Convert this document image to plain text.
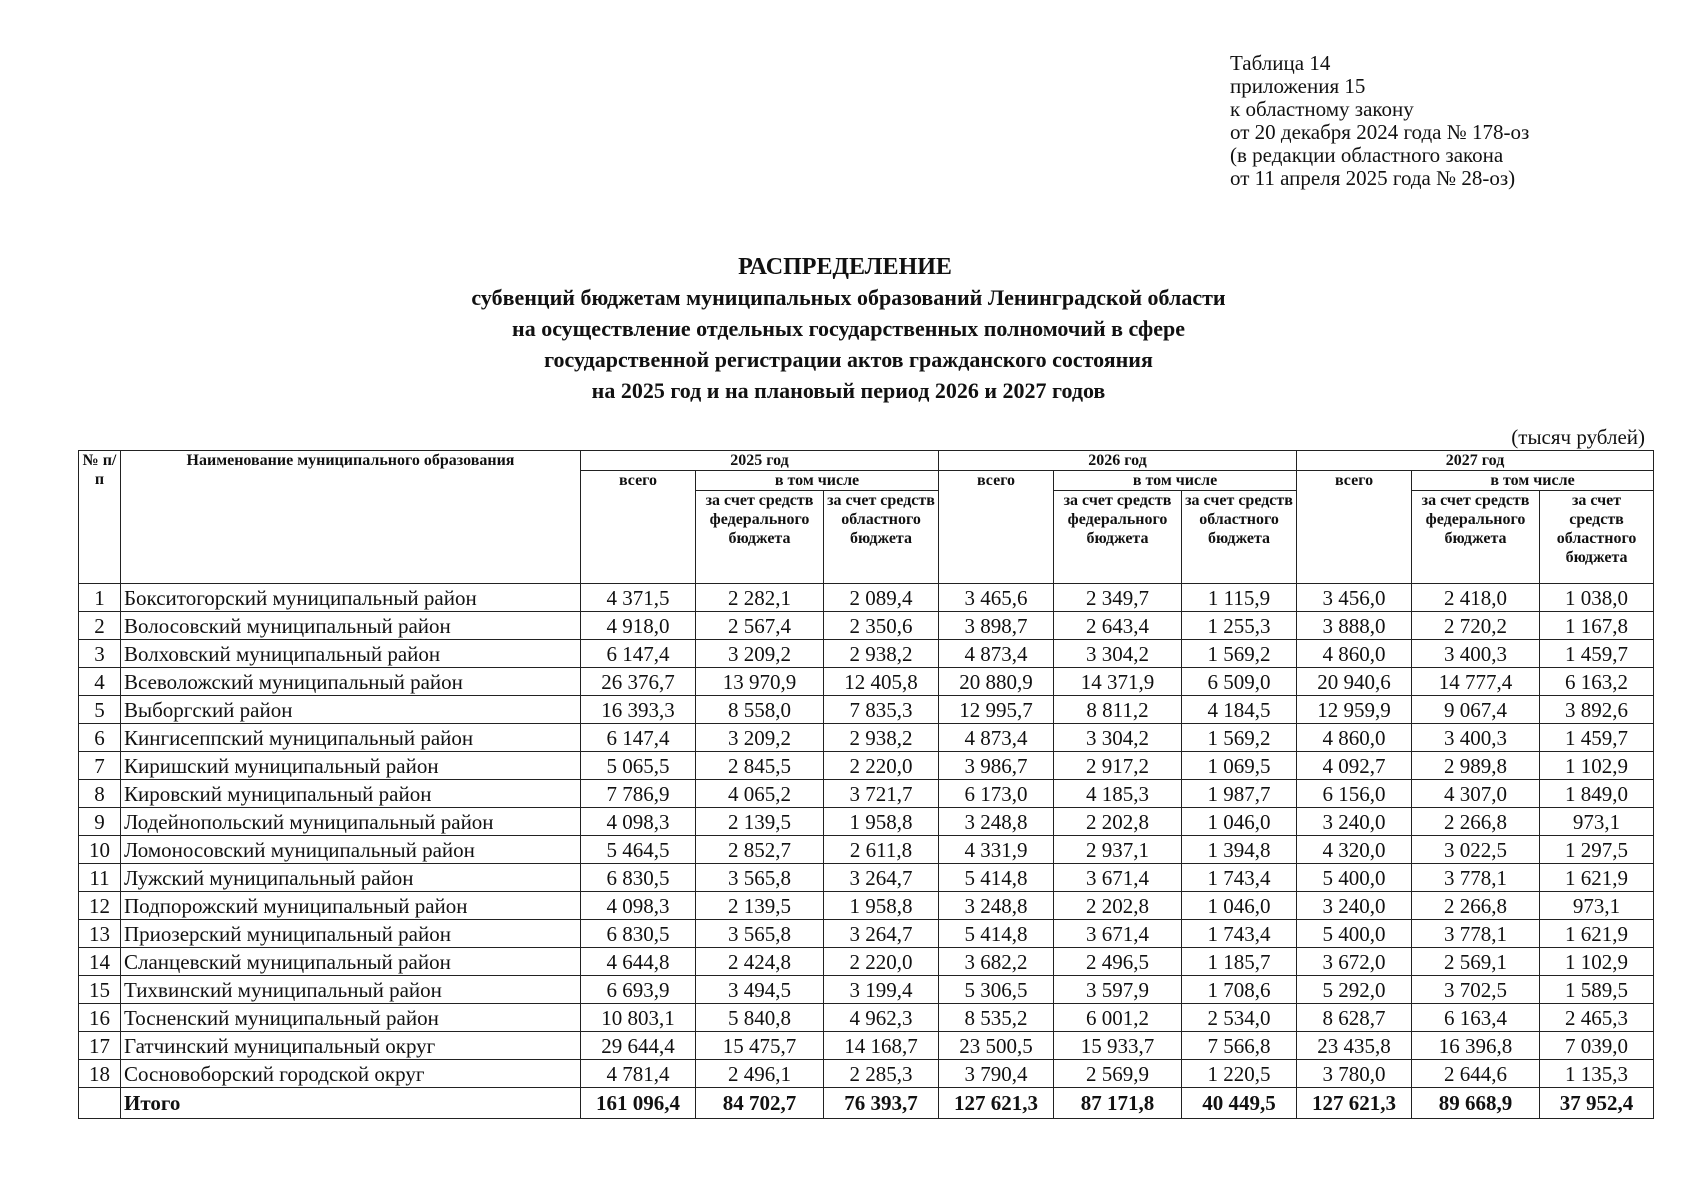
Таблица 14
приложения 15
к областному закону
от 20 декабря 2024 года № 178-оз
(в редакции областного закона
от 11 апреля 2025 года № 28-оз)
РАСПРЕДЕЛЕНИЕ
субвенций бюджетам муниципальных образований Ленинградской области
на осуществление отдельных государственных полномочий в сфере
государственной регистрации актов гражданского состояния
на 2025 год и на плановый период 2026 и 2027 годов
(тысяч рублей)
№ п/п	Наименование муниципального образования	2025 год			2026 год			2027 год		
		всего	в том числе		всего	в том числе		всего	в том числе	
			за счет средств федерального бюджета	за счет средств областного бюджета		за счет средств федерального бюджета	за счет средств областного бюджета		за счет средств федерального бюджета	за счет средств областного бюджета
1	Бокситогорский муниципальный район	4 371,5	2 282,1	2 089,4	3 465,6	2 349,7	1 115,9	3 456,0	2 418,0	1 038,0
2	Волосовский муниципальный район	4 918,0	2 567,4	2 350,6	3 898,7	2 643,4	1 255,3	3 888,0	2 720,2	1 167,8
3	Волховский муниципальный район	6 147,4	3 209,2	2 938,2	4 873,4	3 304,2	1 569,2	4 860,0	3 400,3	1 459,7
4	Всеволожский муниципальный район	26 376,7	13 970,9	12 405,8	20 880,9	14 371,9	6 509,0	20 940,6	14 777,4	6 163,2
5	Выборгский район	16 393,3	8 558,0	7 835,3	12 995,7	8 811,2	4 184,5	12 959,9	9 067,4	3 892,6
6	Кингисеппский муниципальный район	6 147,4	3 209,2	2 938,2	4 873,4	3 304,2	1 569,2	4 860,0	3 400,3	1 459,7
7	Киришский муниципальный район	5 065,5	2 845,5	2 220,0	3 986,7	2 917,2	1 069,5	4 092,7	2 989,8	1 102,9
8	Кировский муниципальный район	7 786,9	4 065,2	3 721,7	6 173,0	4 185,3	1 987,7	6 156,0	4 307,0	1 849,0
9	Лодейнопольский муниципальный район	4 098,3	2 139,5	1 958,8	3 248,8	2 202,8	1 046,0	3 240,0	2 266,8	973,1
10	Ломоносовский муниципальный район	5 464,5	2 852,7	2 611,8	4 331,9	2 937,1	1 394,8	4 320,0	3 022,5	1 297,5
11	Лужский муниципальный район	6 830,5	3 565,8	3 264,7	5 414,8	3 671,4	1 743,4	5 400,0	3 778,1	1 621,9
12	Подпорожский муниципальный район	4 098,3	2 139,5	1 958,8	3 248,8	2 202,8	1 046,0	3 240,0	2 266,8	973,1
13	Приозерский муниципальный район	6 830,5	3 565,8	3 264,7	5 414,8	3 671,4	1 743,4	5 400,0	3 778,1	1 621,9
14	Сланцевский муниципальный район	4 644,8	2 424,8	2 220,0	3 682,2	2 496,5	1 185,7	3 672,0	2 569,1	1 102,9
15	Тихвинский муниципальный район	6 693,9	3 494,5	3 199,4	5 306,5	3 597,9	1 708,6	5 292,0	3 702,5	1 589,5
16	Тосненский муниципальный район	10 803,1	5 840,8	4 962,3	8 535,2	6 001,2	2 534,0	8 628,7	6 163,4	2 465,3
17	Гатчинский муниципальный округ	29 644,4	15 475,7	14 168,7	23 500,5	15 933,7	7 566,8	23 435,8	16 396,8	7 039,0
18	Сосновоборский городской округ	4 781,4	2 496,1	2 285,3	3 790,4	2 569,9	1 220,5	3 780,0	2 644,6	1 135,3
	Итого	161 096,4	84 702,7	76 393,7	127 621,3	87 171,8	40 449,5	127 621,3	89 668,9	37 952,4
